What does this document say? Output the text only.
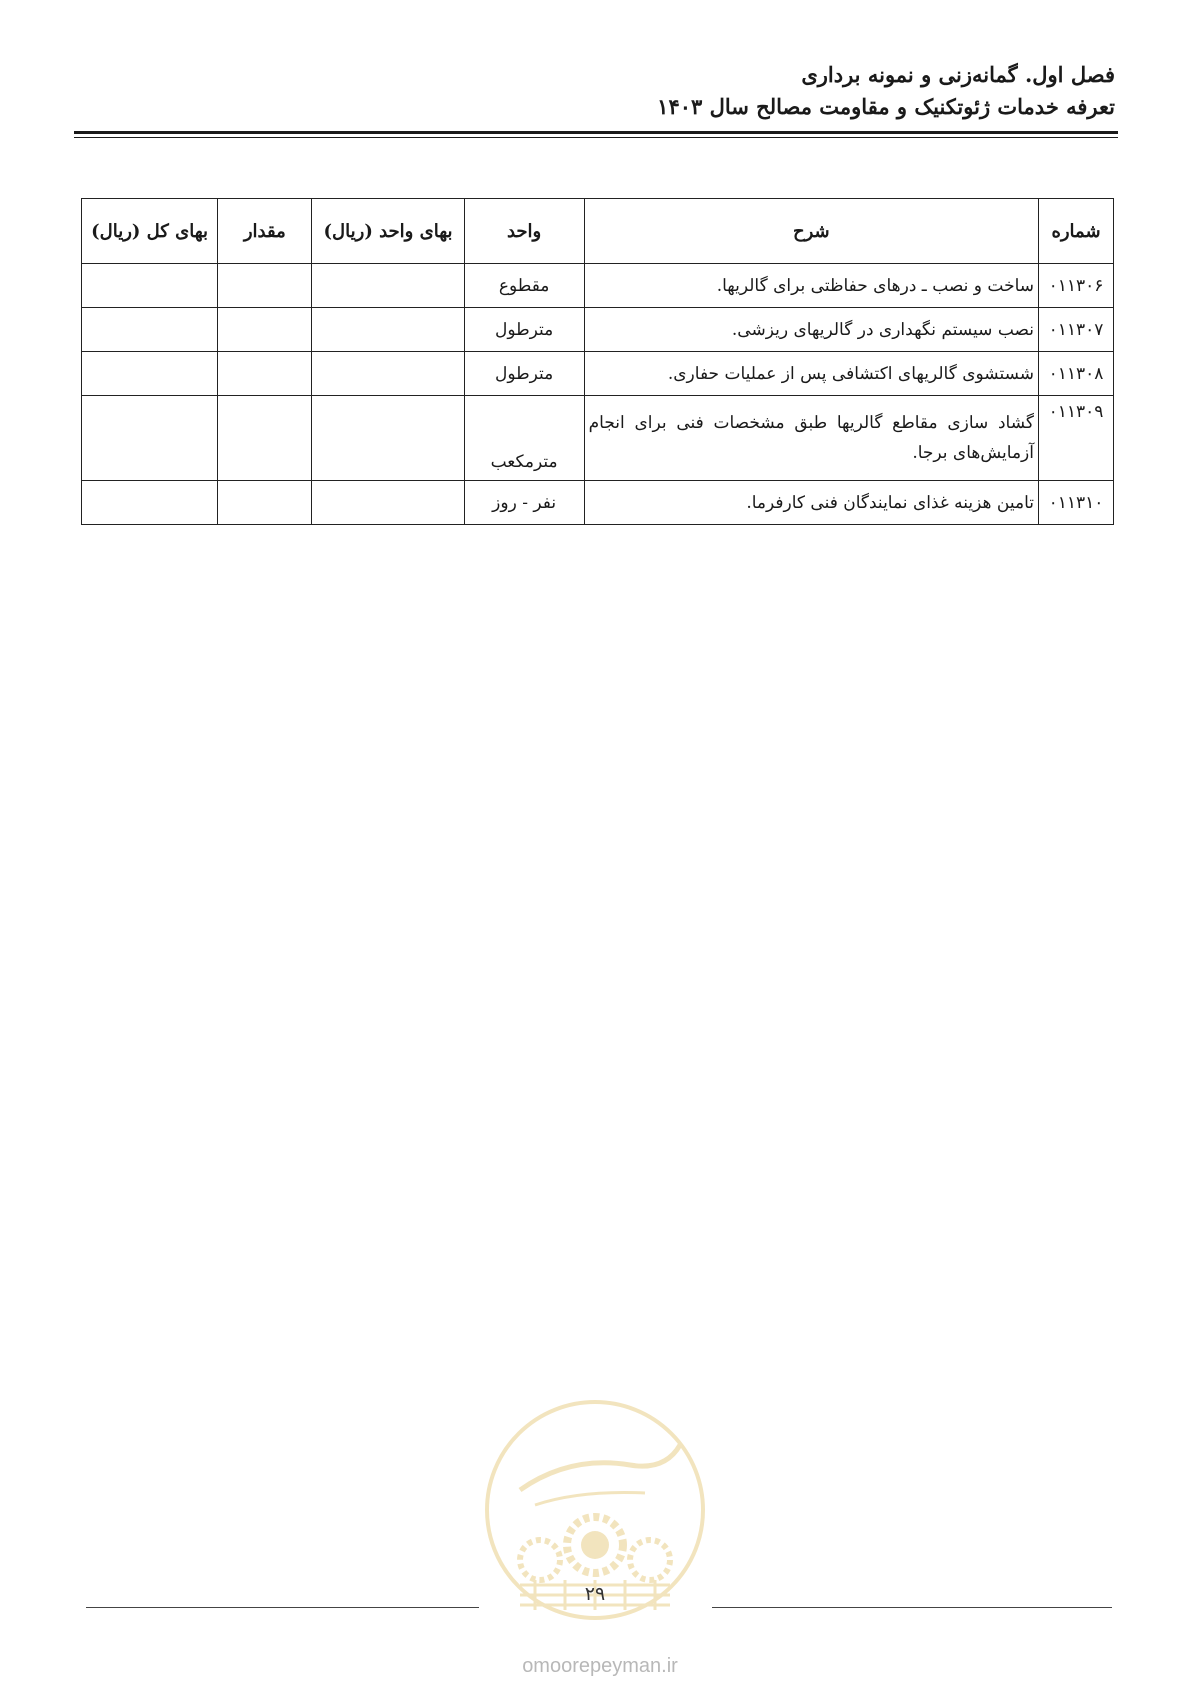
فصل اول. گمانه‌زنی و نمونه برداری
تعرفه خدمات ژئوتکنیک و مقاومت مصالح سال ۱۴۰۳
شماره	شرح	واحد	بهای واحد (ریال)	مقدار	بهای کل (ریال)
۰۱۱۳۰۶	ساخت و نصب ـ درهای حفاظتی برای گالریها.	مقطوع			
۰۱۱۳۰۷	نصب سیستم نگهداری در گالریهای ریزشی.	مترطول			
۰۱۱۳۰۸	شستشوی گالریهای اکتشافی پس از عملیات حفاری.	مترطول			
۰۱۱۳۰۹	گشاد سازی مقاطع گالریها طبق مشخصات فنی برای انجام آزمایش‌های برجا.	مترمکعب			
۰۱۱۳۱۰	تامین هزینه غذای نمایندگان فنی کارفرما.	نفر - روز			
۲۹
omoorepeyman.ir
